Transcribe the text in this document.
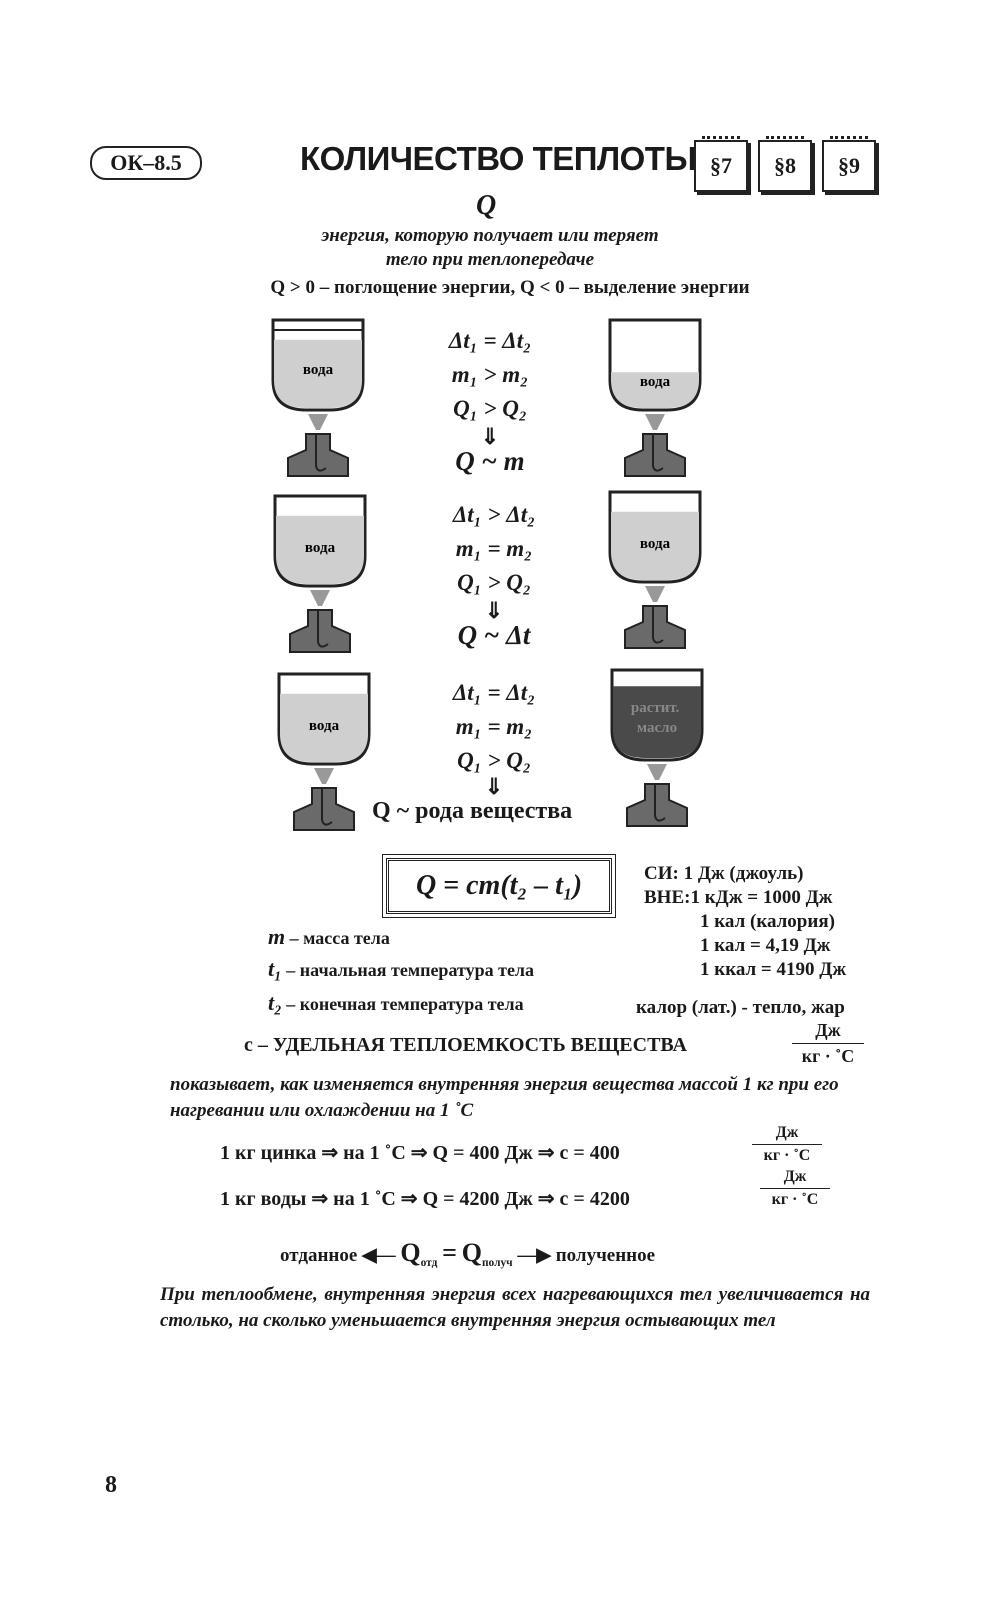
ОК–8.5	КОЛИЧЕСТВО ТЕПЛОТЫ §7	§8	§9
Q
энергия, которую получает или теряет
тело при теплопередаче
Q > 0 – поглощение энергии, Q < 0 – выделение энергии
вода
вода
Δt₁ = Δt₂
m₁ > m₂
Q₁ > Q₂
⇓
Q ~ m
вода	вода
Δt₁ > Δt₂
m₁ = m₂
Q₁ > Q₂
⇓
Q ~ Δt
вода
растит. масло
Δt₁ = Δt₂
m₁ = m₂
Q₁ > Q₂
⇓
Q ~ рода вещества
Q = cm(t₂ – t₁)	СИ: 1 Дж (джоуль)
ВНЕ:1 кДж = 1000 Дж
1 кал (калория)
1 кал = 4,19 Дж
1 ккал = 4190 Дж
калор (лат.) - тепло, жар
m – масса тела
t₁ – начальная температура тела
t₂ – конечная температура тела
c – УДЕЛЬНАЯ ТЕПЛОЕМКОСТЬ ВЕЩЕСТВА
Дж
кг · ˚С
показывает, как изменяется внутренняя энергия вещества массой 1 кг при его нагревании или охлаждении на 1 ˚С
1 кг цинка ⇒ на 1 ˚С ⇒ Q = 400 Дж ⇒ c = 400
Дж
кг · ˚С
1 кг воды ⇒ на 1 ˚С ⇒ Q = 4200 Дж ⇒ c = 4200
Дж
кг · ˚С
отданное ◀— $Q_{отд} = Q_{получ}$ —▶ полученное
При теплообмене, внутренняя энергия всех нагревающихся тел увеличивается на столько, на сколько уменьшается внутренняя энергия остывающих тел
8
